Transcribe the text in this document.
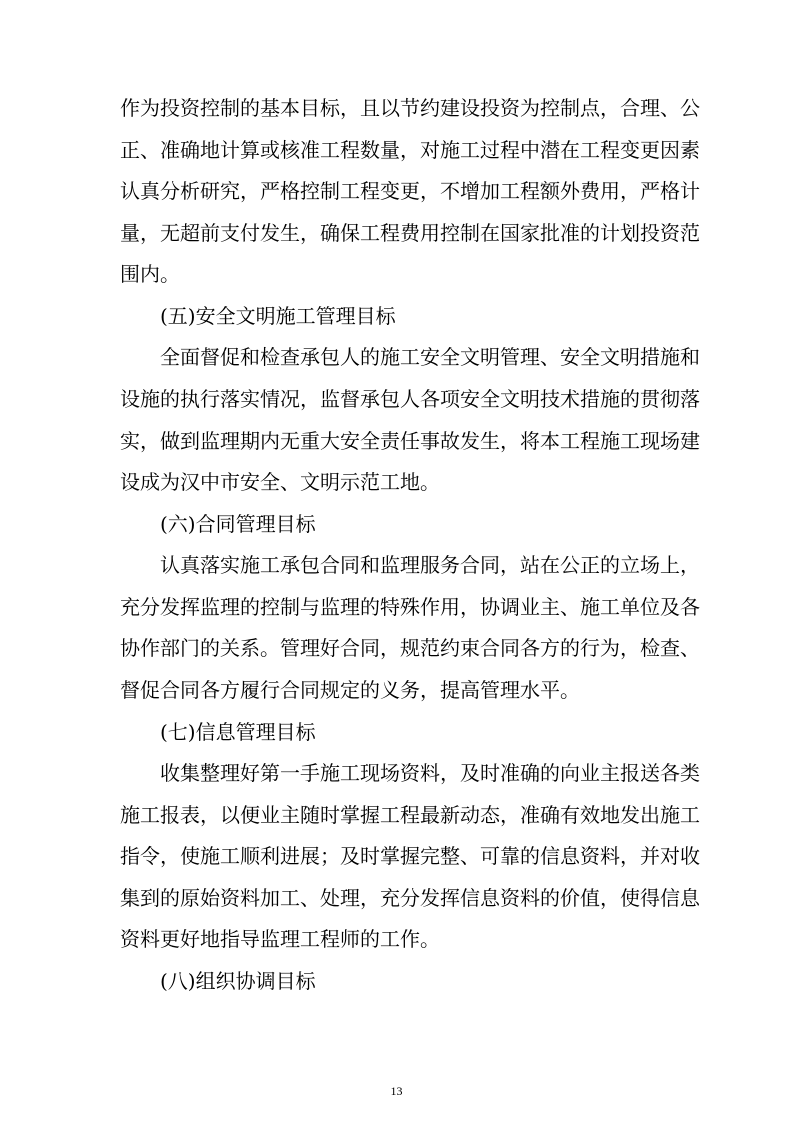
作为投资控制的基本目标，且以节约建设投资为控制点，合理、公

正、准确地计算或核准工程数量，对施工过程中潜在工程变更因素

认真分析研究，严格控制工程变更，不增加工程额外费用，严格计

量，无超前支付发生，确保工程费用控制在国家批准的计划投资范

围内。

(五)安全文明施工管理目标

全面督促和检查承包人的施工安全文明管理、安全文明措施和

设施的执行落实情况，监督承包人各项安全文明技术措施的贯彻落

实，做到监理期内无重大安全责任事故发生，将本工程施工现场建

设成为汉中市安全、文明示范工地。

(六)合同管理目标

认真落实施工承包合同和监理服务合同，站在公正的立场上，

充分发挥监理的控制与监理的特殊作用，协调业主、施工单位及各

协作部门的关系。管理好合同，规范约束合同各方的行为，检查、

督促合同各方履行合同规定的义务，提高管理水平。

(七)信息管理目标

收集整理好第一手施工现场资料，及时准确的向业主报送各类

施工报表，以便业主随时掌握工程最新动态，准确有效地发出施工

指令，使施工顺利进展；及时掌握完整、可靠的信息资料，并对收

集到的原始资料加工、处理，充分发挥信息资料的价值，使得信息

资料更好地指导监理工程师的工作。

(八)组织协调目标

13
